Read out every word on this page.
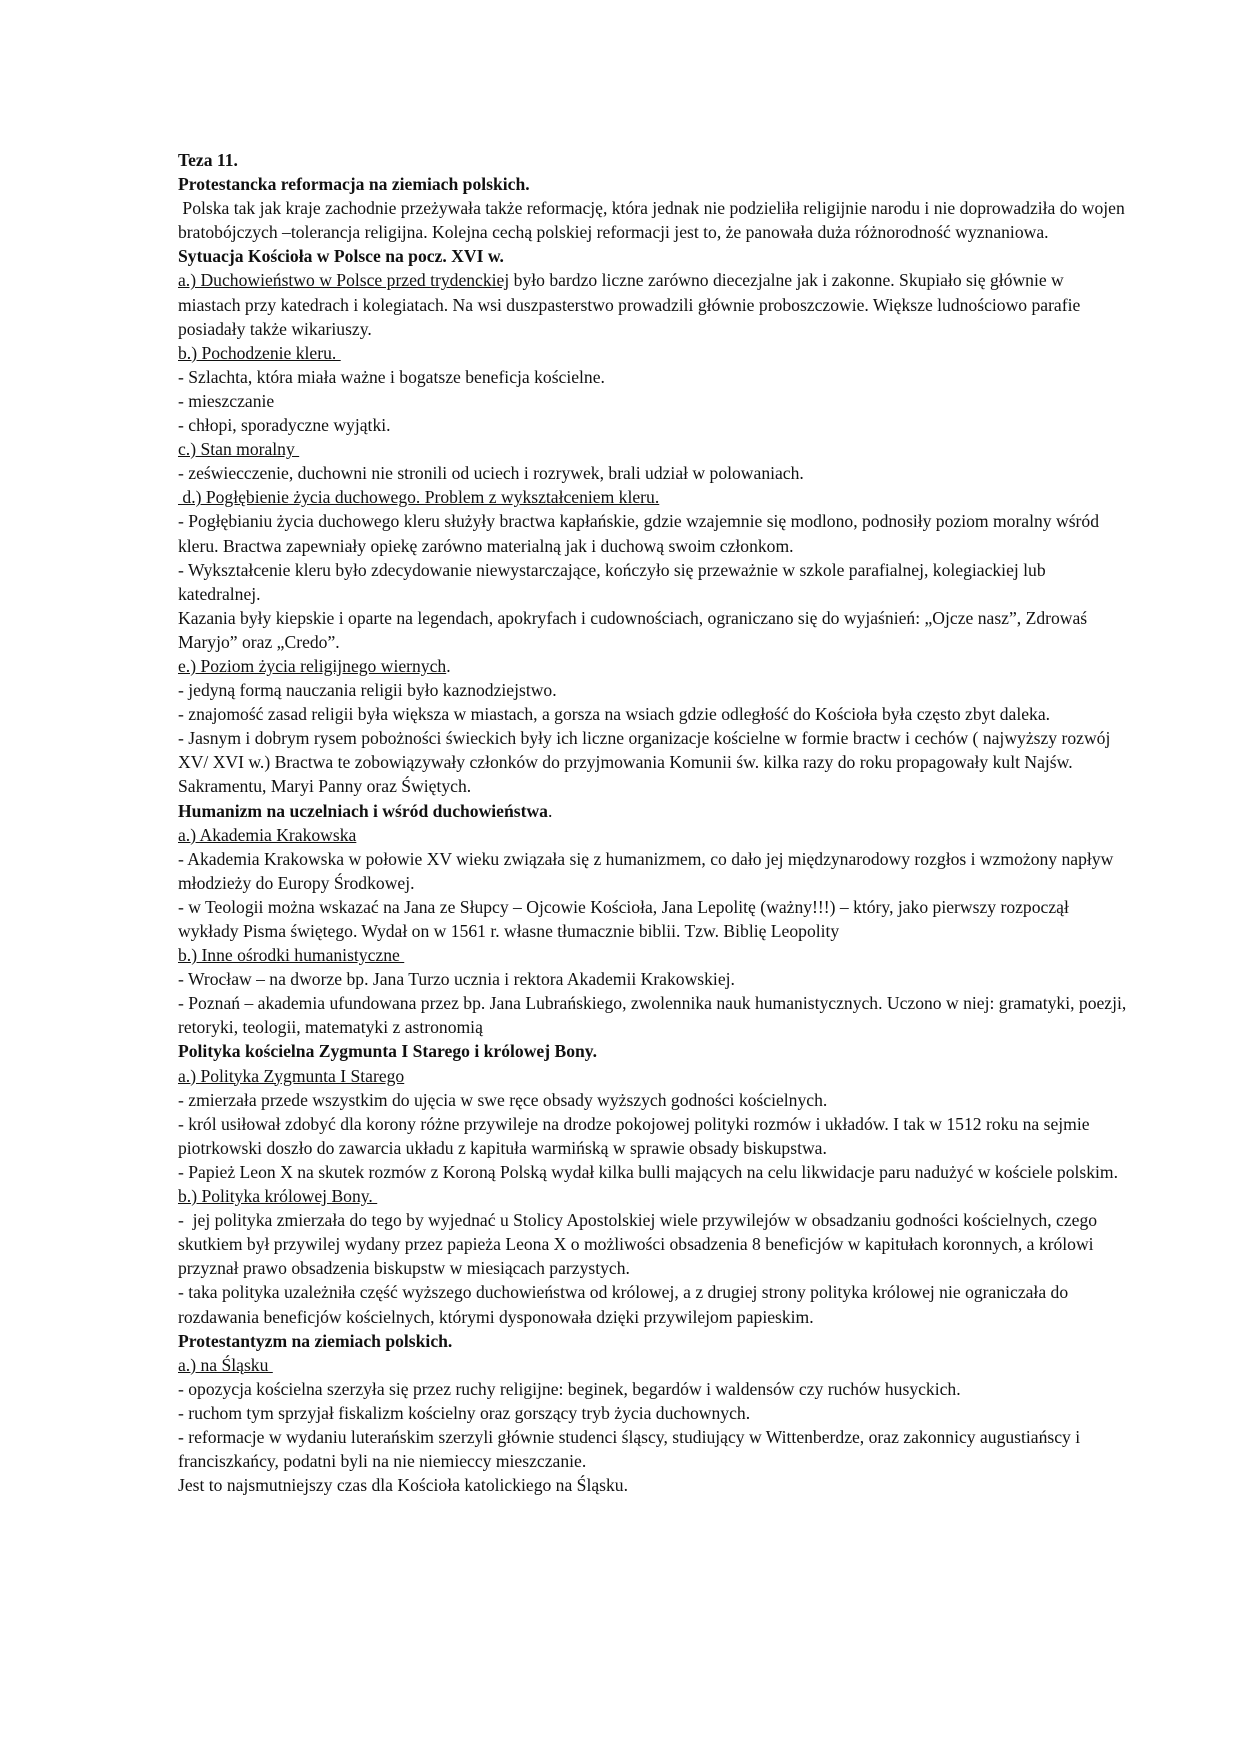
Teza 11.

Protestancka reformacja na ziemiach polskich.

Polska tak jak kraje zachodnie przeżywała także reformację, która jednak nie podzieliła religijnie narodu i nie doprowadziła do wojen bratobójczych –tolerancja religijna. Kolejna cechą polskiej reformacji jest to, że panowała duża różnorodność wyznaniowa.

Sytuacja Kościoła w Polsce na pocz. XVI w.

a.) Duchowieństwo w Polsce przed trydenckiej było bardzo liczne zarówno diecezjalne jak i zakonne. Skupiało się głównie w miastach przy katedrach i kolegiatach. Na wsi duszpasterstwo prowadzili głównie proboszczowie. Większe ludnościowo parafie posiadały także wikariuszy.

b.) Pochodzenie kleru.

- Szlachta, która miała ważne i bogatsze beneficja kościelne.

- mieszczanie

- chłopi, sporadyczne wyjątki.

c.) Stan moralny

- zeświecczenie, duchowni nie stronili od uciech i rozrywek, brali udział w polowaniach.

d.) Pogłębienie życia duchowego. Problem z wykształceniem kleru.

- Pogłębianiu życia duchowego kleru służyły bractwa kapłańskie, gdzie wzajemnie się modlono, podnosiły poziom moralny wśród kleru. Bractwa zapewniały opiekę zarówno materialną jak i duchową swoim członkom.

- Wykształcenie kleru było zdecydowanie niewystarczające, kończyło się przeważnie w szkole parafialnej, kolegiackiej lub katedralnej.

Kazania były kiepskie i oparte na legendach, apokryfach i cudownościach, ograniczano się do wyjaśnień: „Ojcze nasz”, Zdrowaś Maryjo” oraz „Credo”.

e.) Poziom życia religijnego wiernych.

- jedyną formą nauczania religii było kaznodziejstwo.

- znajomość zasad religii była większa w miastach, a gorsza na wsiach gdzie odległość do Kościoła była często zbyt daleka.

- Jasnym i dobrym rysem pobożności świeckich były ich liczne organizacje kościelne w formie bractw i cechów ( najwyższy rozwój XV/ XVI w.) Bractwa te zobowiązywały członków do przyjmowania Komunii św. kilka razy do roku propagowały kult Najśw. Sakramentu, Maryi Panny oraz Świętych.

Humanizm na uczelniach i wśród duchowieństwa.

a.) Akademia Krakowska

- Akademia Krakowska w połowie XV wieku związała się z humanizmem, co dało jej międzynarodowy rozgłos i wzmożony napływ młodzieży do Europy Środkowej.

- w Teologii można wskazać na Jana ze Słupcy – Ojcowie Kościoła, Jana Lepolitę (ważny!!!) – który, jako pierwszy rozpoczął wykłady Pisma świętego. Wydał on w 1561 r. własne tłumacznie biblii. Tzw. Biblię Leopolity

b.) Inne ośrodki humanistyczne

- Wrocław – na dworze bp. Jana Turzo ucznia i rektora Akademii Krakowskiej.

- Poznań – akademia ufundowana przez bp. Jana Lubrańskiego, zwolennika nauk humanistycznych. Uczono w niej: gramatyki, poezji, retoryki, teologii, matematyki z astronomią

Polityka kościelna Zygmunta I Starego i królowej Bony.

a.) Polityka Zygmunta I Starego

- zmierzała przede wszystkim do ujęcia w swe ręce obsady wyższych godności kościelnych.

- król usiłował zdobyć dla korony różne przywileje na drodze pokojowej polityki rozmów i układów. I tak w 1512 roku na sejmie piotrkowski doszło do zawarcia układu z kapituła warmińską w sprawie obsady biskupstwa.

- Papież Leon X na skutek rozmów z Koroną Polską wydał kilka bulli mających na celu likwidacje paru nadużyć w kościele polskim.

b.) Polityka królowej Bony.

-  jej polityka zmierzała do tego by wyjednać u Stolicy Apostolskiej wiele przywilejów w obsadzaniu godności kościelnych, czego skutkiem był przywilej wydany przez papieża Leona X o możliwości obsadzenia 8 beneficjów w kapitułach koronnych, a królowi przyznał prawo obsadzenia biskupstw w miesiącach parzystych.

- taka polityka uzależniła część wyższego duchowieństwa od królowej, a z drugiej strony polityka królowej nie ograniczała do rozdawania beneficjów kościelnych, którymi dysponowała dzięki przywilejom papieskim.

Protestantyzm na ziemiach polskich.

a.) na Śląsku

- opozycja kościelna szerzyła się przez ruchy religijne: beginek, begardów i waldensów czy ruchów husyckich.

- ruchom tym sprzyjał fiskalizm kościelny oraz gorszący tryb życia duchownych.

- reformacje w wydaniu luterańskim szerzyli głównie studenci śląscy, studiujący w Wittenberdze, oraz zakonnicy augustiańscy i franciszkańcy, podatni byli na nie niemieccy mieszczanie.

Jest to najsmutniejszy czas dla Kościoła katolickiego na Śląsku.
